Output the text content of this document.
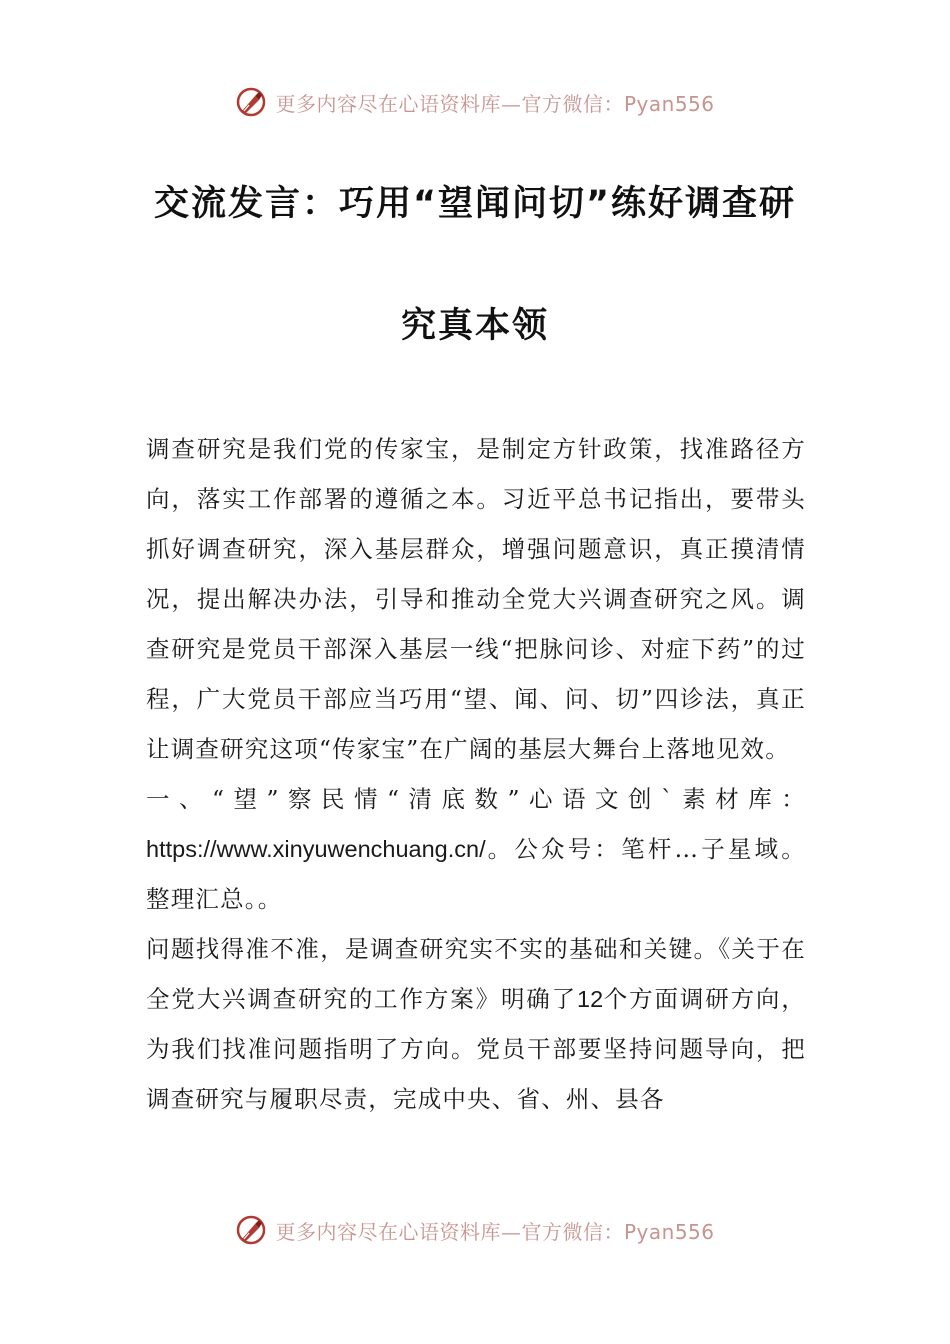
更多内容尽在心语资料库—官方微信：Pyan556
交流发言：巧用“望闻问切”练好调查研
究真本领

调查研究是我们党的传家宝，是制定方针政策，找准路径方向，落实工作部署的遵循之本。习近平总书记指出，要带头抓好调查研究，深入基层群众，增强问题意识，真正摸清情况，提出解决办法，引导和推动全党大兴调查研究之风。调查研究是党员干部深入基层一线“把脉问诊、对症下药”的过程，广大党员干部应当巧用“望、闻、问、切”四诊法，真正让调查研究这项“传家宝”在广阔的基层大舞台上落地见效。

一、“望”察民情“清底数”心语文创`素材库：https://www.xinyuwenchuang.cn/。公众号：笔杆…子星域。整理汇总。。

问题找得准不准，是调查研究实不实的基础和关键。《关于在全党大兴调查研究的工作方案》明确了12个方面调研方向，为我们找准问题指明了方向。党员干部要坚持问题导向，把调查研究与履职尽责，完成中央、省、州、县各

更多内容尽在心语资料库—官方微信：Pyan556
